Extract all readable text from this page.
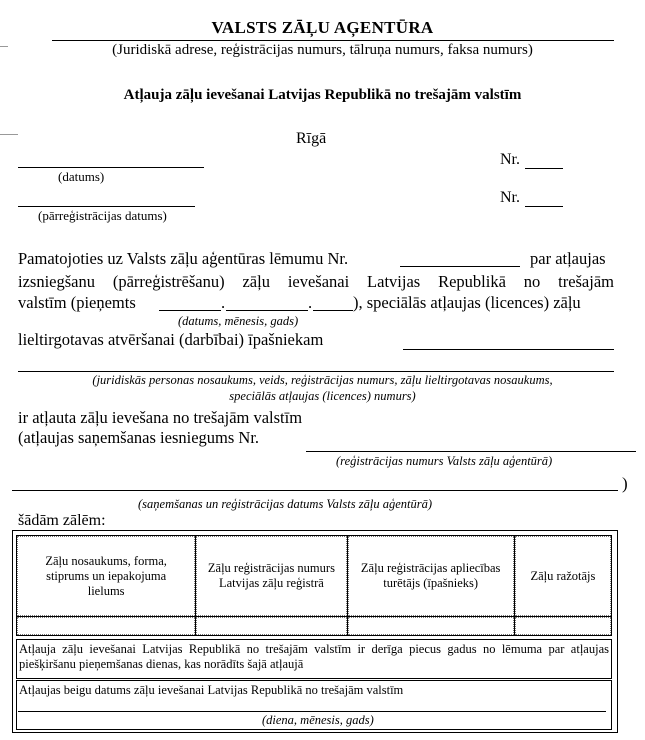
VALSTS ZĀĻU AĢENTŪRA
(Juridiskā adrese, reģistrācijas numurs, tālruņa numurs, faksa numurs)
Atļauja zāļu ievešanai Latvijas Republikā no trešajām valstīm
Rīgā
(datums)
Nr.
(pārreģistrācijas datums)
Nr.
Pamatojoties uz Valsts zāļu aģentūras lēmumu Nr.	par atļaujas
izsniegšanu (pārreģistrēšanu) zāļu ievešanai Latvijas Republikā no trešajām
valstīm (pieņemts	.	. ), speciālās atļaujas (licences) zāļu
(datums, mēnesis, gads)
lieltirgotavas atvēršanai (darbībai) īpašniekam
(juridiskās personas nosaukums, veids, reģistrācijas numurs, zāļu lieltirgotavas nosaukums,
speciālās atļaujas (licences) numurs)
ir atļauta zāļu ievešana no trešajām valstīm
(atļaujas saņemšanas iesniegums Nr.
(reģistrācijas numurs Valsts zāļu aģentūrā)
)
(saņemšanas un reģistrācijas datums Valsts zāļu aģentūrā)
šādām zālēm:
Zāļu nosaukums, forma, stiprums un iepakojuma lielums	Zāļu reģistrācijas numurs Latvijas zāļu reģistrā	Zāļu reģistrācijas apliecības turētājs (īpašnieks)	Zāļu ražotājs

Atļauja zāļu ievešanai Latvijas Republikā no trešajām valstīm ir derīga piecus gadus no lēmuma par atļaujas piešķiršanu pieņemšanas dienas, kas norādīts šajā atļaujā
Atļaujas beigu datums zāļu ievešanai Latvijas Republikā no trešajām valstīm
(diena, mēnesis, gads)
